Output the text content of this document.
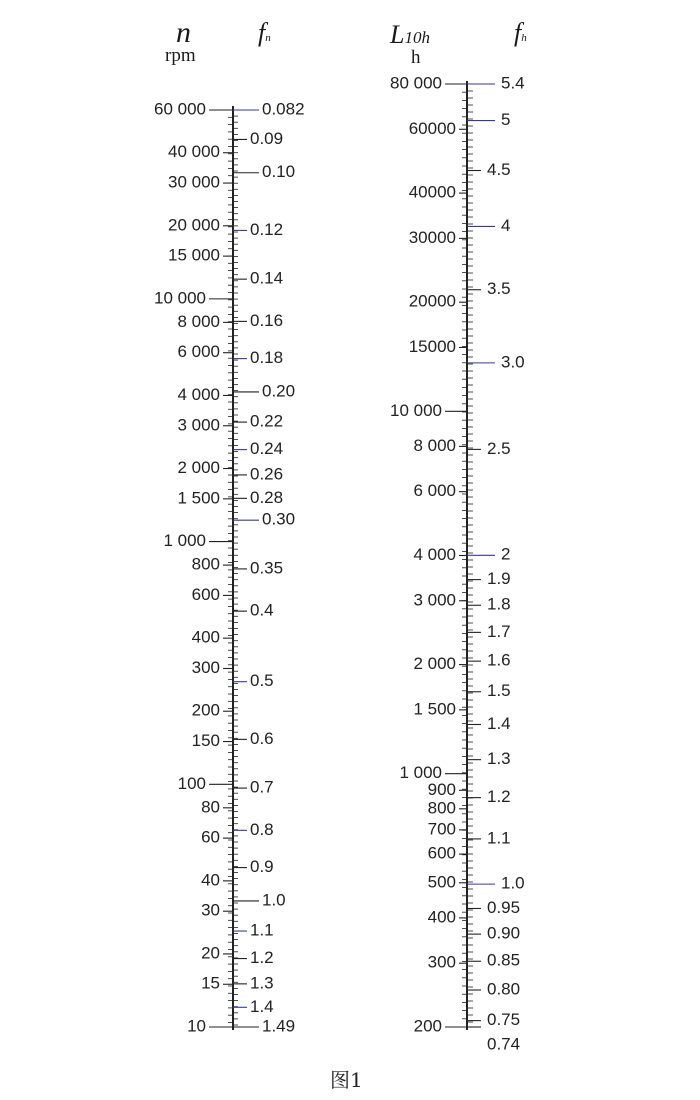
n
rpm
fn	L10h
h
fh
60 000
40 000
30 000
20 000
15 000
10 000
8 000
6 000
4 000
3 000
2 000
1 500
1 000
800
600
400
300
200
150
100
80
60
40
30
20
15
10
0.082
0.09
0.10
0.12
0.14
0.16
0.18
0.20
0.22
0.24
0.26
0.28
0.30
0.35
0.4
0.5
0.6
0.7
0.8
0.9
1.0
1.1
1.2
1.3
1.4
1.49
80 000
60000
40000
30000
20000
15000
10 000
8 000
6 000
4 000
3 000
2 000
1 500
1 000
900
800
700
600
500
400
300
200
5.4
5
4.5
4
3.5
3.0
2.5
2
1.9
1.8
1.7
1.6
1.5
1.4
1.3
1.2
1.1
1.0
0.95
0.90
0.85
0.80
0.75
0.74
图1
